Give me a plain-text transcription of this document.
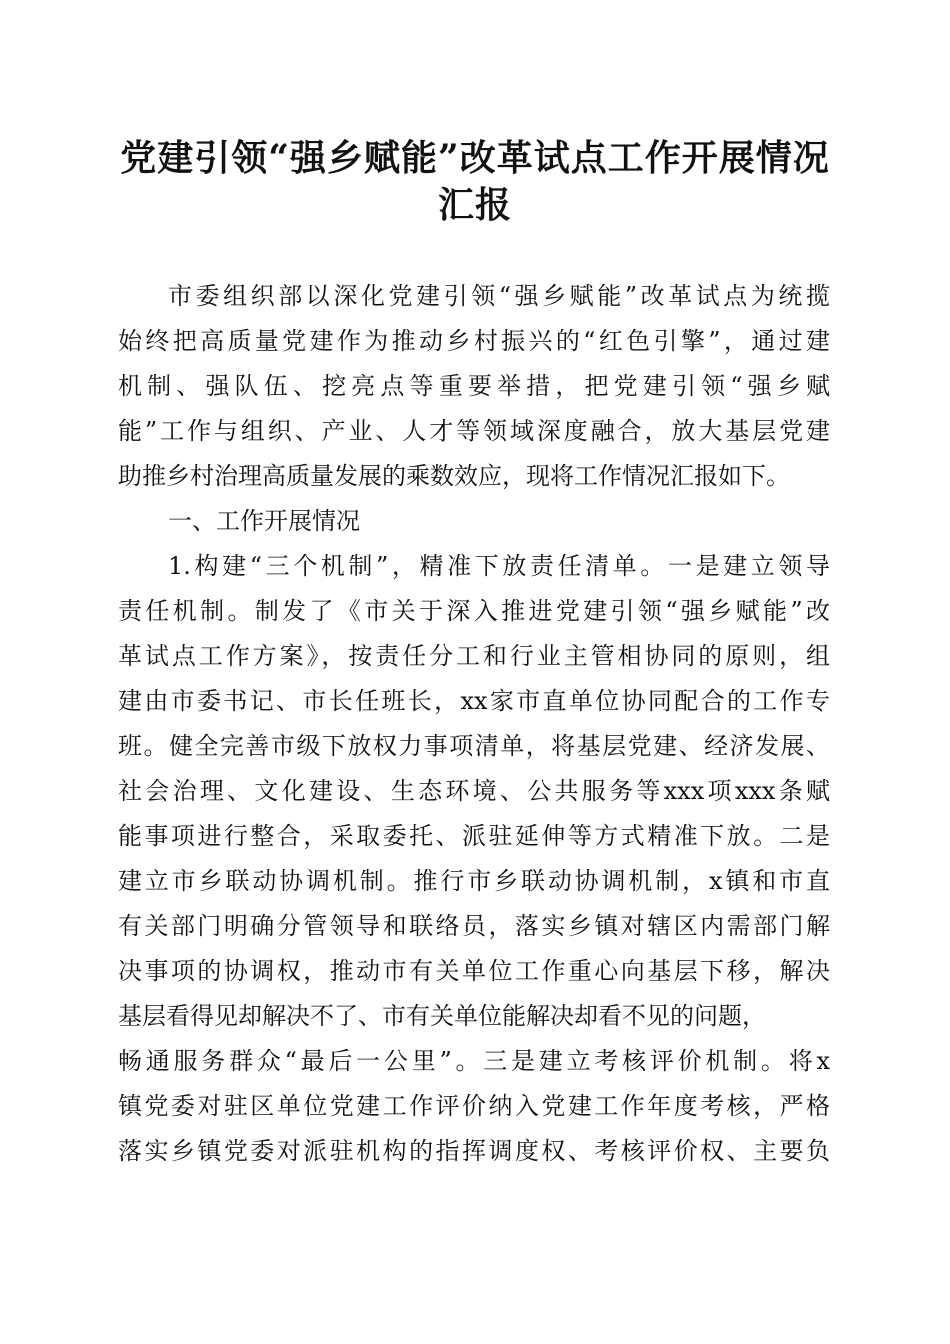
党建引领“强乡赋能”改革试点工作开展情况
汇报
市委组织部以深化党建引领“强乡赋能”改革试点为统揽
始终把高质量党建作为推动乡村振兴的“红色引擎”，通过建
机制、强队伍、挖亮点等重要举措，把党建引领“强乡赋
能”工作与组织、产业、人才等领域深度融合，放大基层党建
助推乡村治理高质量发展的乘数效应，现将工作情况汇报如下。
一、工作开展情况
1.构建“三个机制”，精准下放责任清单。一是建立领导
责任机制。制发了《市关于深入推进党建引领“强乡赋能”改
革试点工作方案》，按责任分工和行业主管相协同的原则，组
建由市委书记、市长任班长，xx家市直单位协同配合的工作专
班。健全完善市级下放权力事项清单，将基层党建、经济发展、
社会治理、文化建设、生态环境、公共服务等xxx项xxx条赋
能事项进行整合，采取委托、派驻延伸等方式精准下放。二是
建立市乡联动协调机制。推行市乡联动协调机制，x镇和市直
有关部门明确分管领导和联络员，落实乡镇对辖区内需部门解
决事项的协调权，推动市有关单位工作重心向基层下移，解决
基层看得见却解决不了、市有关单位能解决却看不见的问题，
畅通服务群众“最后一公里”。三是建立考核评价机制。将x
镇党委对驻区单位党建工作评价纳入党建工作年度考核，严格
落实乡镇党委对派驻机构的指挥调度权、考核评价权、主要负
